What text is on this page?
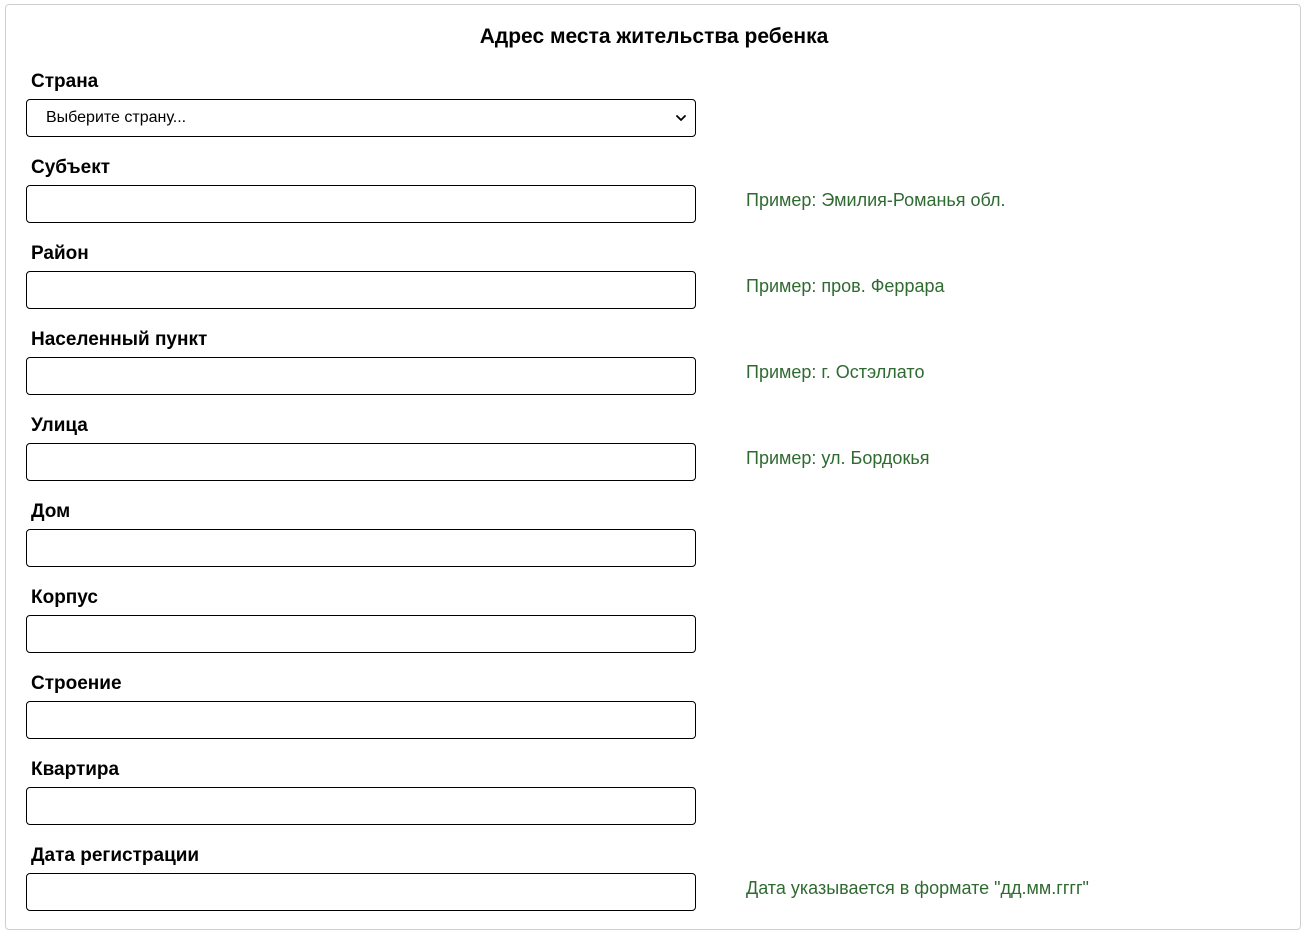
Адрес места жительства ребенка
Страна
Выберите страну...
Субъект
Пример: Эмилия-Романья обл.
Район
Пример: пров. Феррара
Населенный пункт
Пример: г. Остэллато
Улица
Пример: ул. Бордокья
Дом
Корпус
Строение
Квартира
Дата регистрации
Дата указывается в формате "дд.мм.гггг"
